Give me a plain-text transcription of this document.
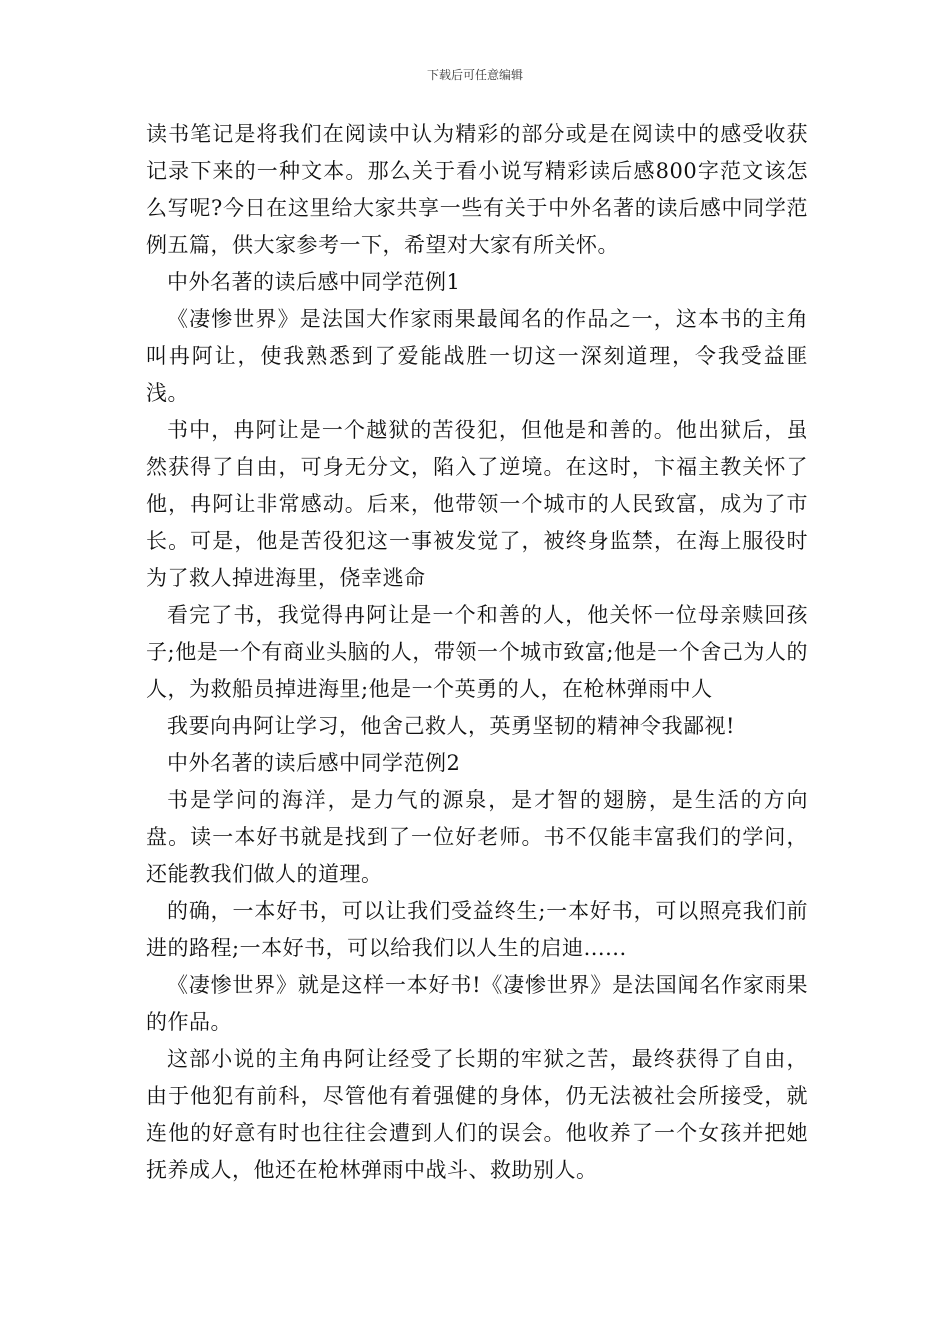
下载后可任意编辑

读书笔记是将我们在阅读中认为精彩的部分或是在阅读中的感受收获记录下来的一种文本。那么关于看小说写精彩读后感800字范文该怎么写呢?今日在这里给大家共享一些有关于中外名著的读后感中同学范例五篇，供大家参考一下，希望对大家有所关怀。

中外名著的读后感中同学范例1

《凄惨世界》是法国大作家雨果最闻名的作品之一，这本书的主角叫冉阿让，使我熟悉到了爱能战胜一切这一深刻道理，令我受益匪浅。

书中，冉阿让是一个越狱的苦役犯，但他是和善的。他出狱后，虽然获得了自由，可身无分文，陷入了逆境。在这时，卞福主教关怀了他，冉阿让非常感动。后来，他带领一个城市的人民致富，成为了市长。可是，他是苦役犯这一事被发觉了，被终身监禁，在海上服役时为了救人掉进海里，侥幸逃命

看完了书，我觉得冉阿让是一个和善的人，他关怀一位母亲赎回孩子;他是一个有商业头脑的人，带领一个城市致富;他是一个舍己为人的人，为救船员掉进海里;他是一个英勇的人，在枪林弹雨中人

我要向冉阿让学习，他舍己救人，英勇坚韧的精神令我鄙视!

中外名著的读后感中同学范例2

书是学问的海洋，是力气的源泉，是才智的翅膀，是生活的方向盘。读一本好书就是找到了一位好老师。书不仅能丰富我们的学问，还能教我们做人的道理。

的确，一本好书，可以让我们受益终生;一本好书，可以照亮我们前进的路程;一本好书，可以给我们以人生的启迪......

《凄惨世界》就是这样一本好书!《凄惨世界》是法国闻名作家雨果的作品。

这部小说的主角冉阿让经受了长期的牢狱之苦，最终获得了自由，由于他犯有前科，尽管他有着强健的身体，仍无法被社会所接受，就连他的好意有时也往往会遭到人们的误会。他收养了一个女孩并把她抚养成人，他还在枪林弹雨中战斗、救助别人。
